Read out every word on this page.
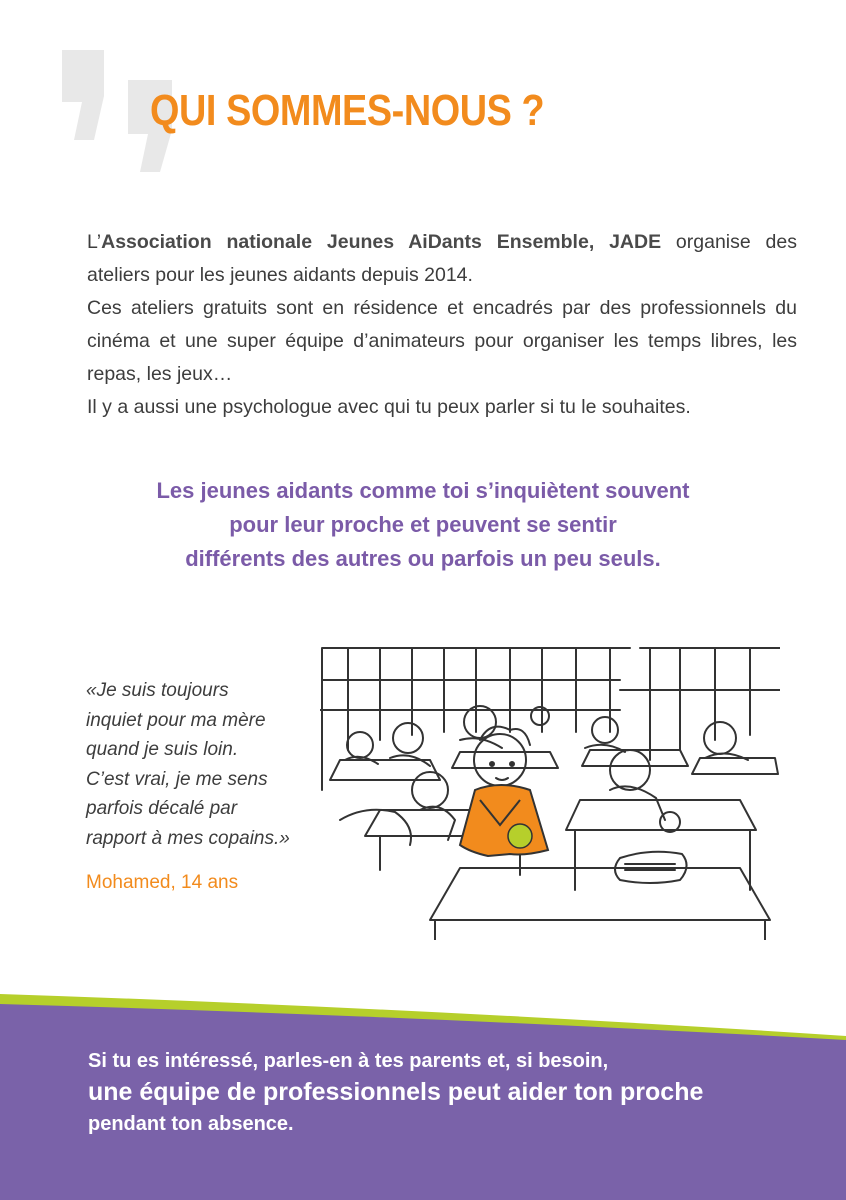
QUI SOMMES-NOUS ?

L’Association nationale Jeunes AiDants Ensemble, JADE organise des ateliers pour les jeunes aidants depuis 2014.

Ces ateliers gratuits sont en résidence et encadrés par des professionnels du cinéma et une super équipe d’animateurs pour organiser les temps libres, les repas, les jeux…

Il y a aussi une psychologue avec qui tu peux parler si tu le souhaites.

Les jeunes aidants comme toi s’inquiètent souvent
pour leur proche et peuvent se sentir
différents des autres ou parfois un peu seuls.
«Je suis toujours
inquiet pour ma mère
quand je suis loin.
C’est vrai, je me sens
parfois décalé par
rapport à mes copains.»
Mohamed, 14 ans
Si tu es intéressé, parles-en à tes parents et, si besoin,
une équipe de professionnels peut aider ton proche
pendant ton absence.
